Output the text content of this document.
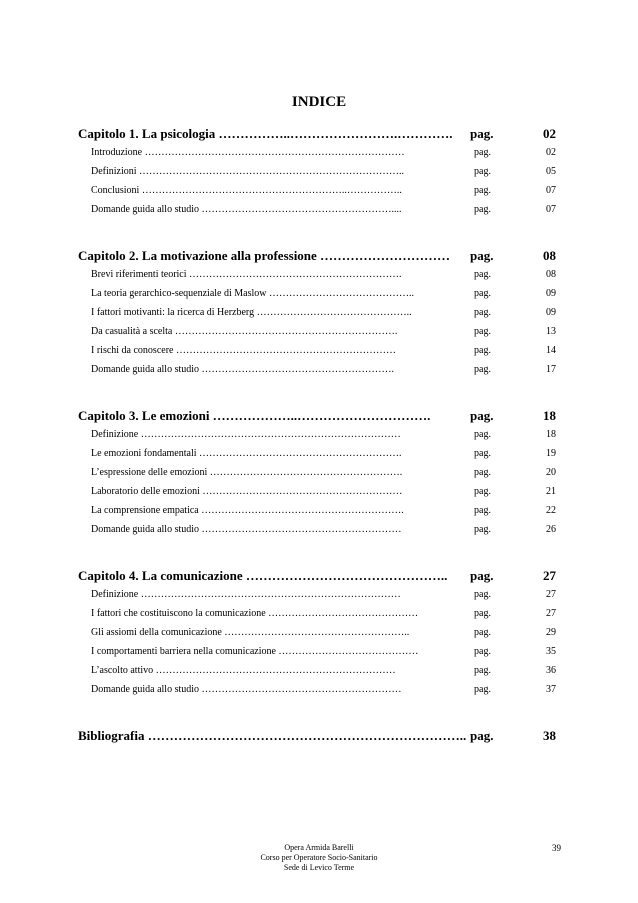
INDICE
Capitolo 1. La psicologia ……………..…………………….………….	pag.	02
Introduzione ……………………………………………………………………	pag.	02
Definizioni ……………………………………………………………………..	pag.	05
Conclusioni ……………………………………………………..……………..	pag.	07
Domande guida allo studio …………………………………………………....	pag.	07
Capitolo 2. La motivazione alla professione …………………………	pag.	08
Brevi riferimenti teorici ……………………………………………………….	pag.	08
La teoria gerarchico-sequenziale di Maslow ……………………………………..	pag.	09
I fattori motivanti: la ricerca di Herzberg ………………………………………..	pag.	09
Da casualità a scelta ………………………………………………………….	pag.	13
I rischi da conoscere …………………………………………………………	pag.	14
Domande guida allo studio ………………………………………………….	pag.	17
Capitolo 3. Le emozioni ………………..………………………….	pag.	18
Definizione ……………………………………………………………………	pag.	18
Le emozioni fondamentali …………………………………………………….	pag.	19
L’espressione delle emozioni ………………………………………………….	pag.	20
Laboratorio delle emozioni ……………………………………………………	pag.	21
La comprensione empatica …………………………………………………….	pag.	22
Domande guida allo studio ……………………………………………………	pag.	26
Capitolo 4. La comunicazione ………………………………………..	pag.	27
Definizione ……………………………………………………………………	pag.	27
I fattori che costituiscono la comunicazione ………………………………………	pag.	27
Gli assiomi della comunicazione ………………………………………………..	pag.	29
I comportamenti barriera nella comunicazione ……………………………………	pag.	35
L’ascolto attivo ………………………………………………………………	pag.	36
Domande guida allo studio ……………………………………………………	pag.	37
Bibliografia ……………………………………………………………….. pag.	38
Opera Armida Barelli
Corso per Operatore Socio-Sanitario
Sede di Levico Terme
39
